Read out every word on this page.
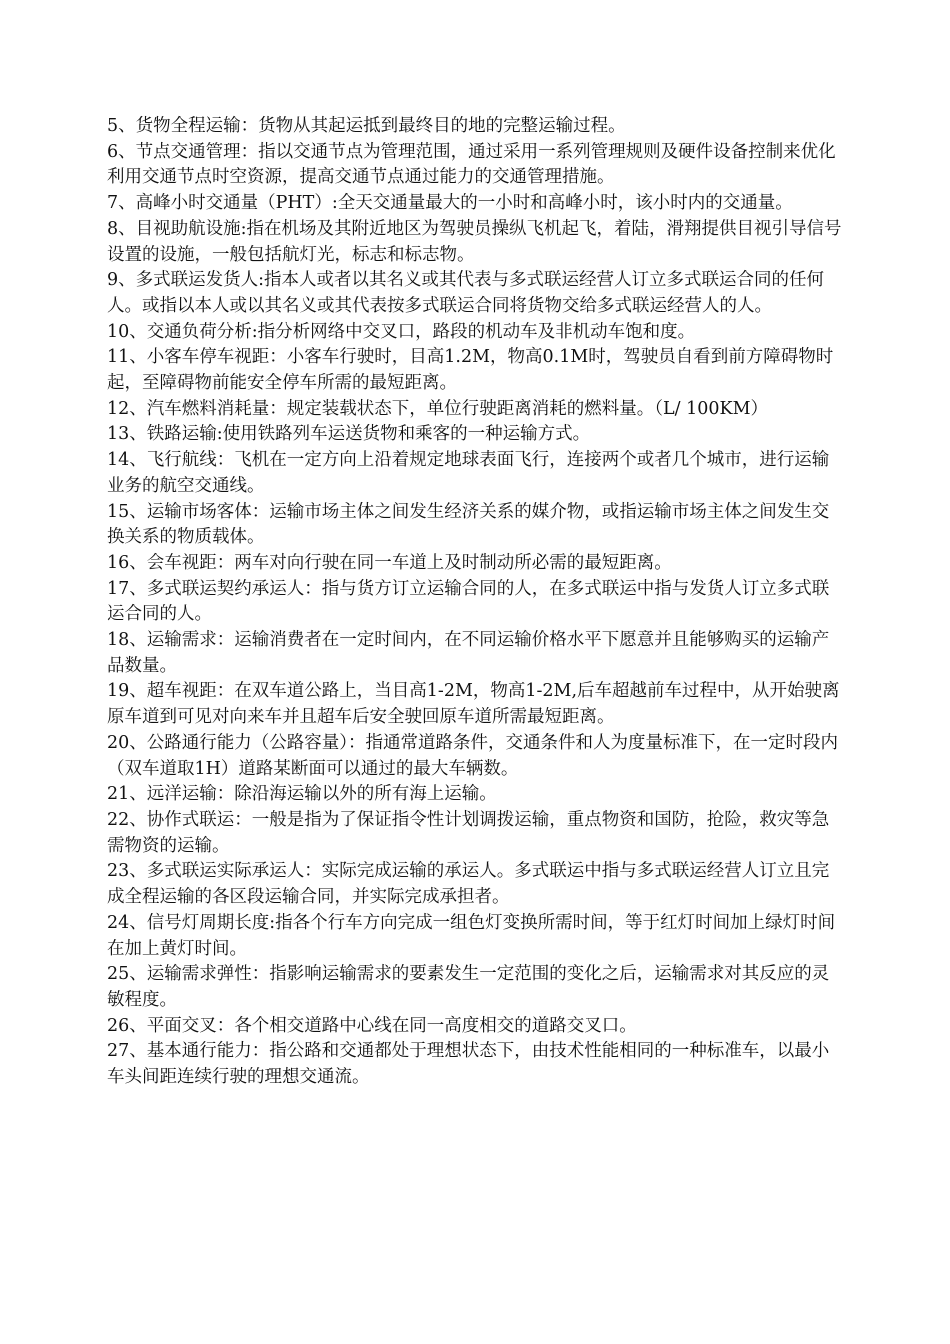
5、货物全程运输：货物从其起运抵到最终目的地的完整运输过程。

6、节点交通管理：指以交通节点为管理范围，通过采用一系列管理规则及硬件设备控制来优化利用交通节点时空资源，提高交通节点通过能力的交通管理措施。

7、高峰小时交通量（PHT）:全天交通量最大的一小时和高峰小时，该小时内的交通量。

8、目视助航设施:指在机场及其附近地区为驾驶员操纵飞机起飞，着陆，滑翔提供目视引导信号设置的设施，一般包括航灯光，标志和标志物。

9、多式联运发货人:指本人或者以其名义或其代表与多式联运经营人订立多式联运合同的任何人。或指以本人或以其名义或其代表按多式联运合同将货物交给多式联运经营人的人。

10、交通负荷分析:指分析网络中交叉口，路段的机动车及非机动车饱和度。

11、小客车停车视距：小客车行驶时，目高1.2M，物高0.1M时，驾驶员自看到前方障碍物时起，至障碍物前能安全停车所需的最短距离。

12、汽车燃料消耗量：规定装载状态下，单位行驶距离消耗的燃料量。（L/ 100KM）

13、铁路运输:使用铁路列车运送货物和乘客的一种运输方式。

14、飞行航线：飞机在一定方向上沿着规定地球表面飞行，连接两个或者几个城市，进行运输业务的航空交通线。

15、运输市场客体：运输市场主体之间发生经济关系的媒介物，或指运输市场主体之间发生交换关系的物质载体。

16、会车视距：两车对向行驶在同一车道上及时制动所必需的最短距离。

17、多式联运契约承运人：指与货方订立运输合同的人，在多式联运中指与发货人订立多式联运合同的人。

18、运输需求：运输消费者在一定时间内，在不同运输价格水平下愿意并且能够购买的运输产品数量。

19、超车视距：在双车道公路上，当目高1-2M，物高1-2M,后车超越前车过程中，从开始驶离原车道到可见对向来车并且超车后安全驶回原车道所需最短距离。

20、公路通行能力（公路容量）：指通常道路条件，交通条件和人为度量标准下，在一定时段内（双车道取1H）道路某断面可以通过的最大车辆数。

21、远洋运输：除沿海运输以外的所有海上运输。

22、协作式联运：一般是指为了保证指令性计划调拨运输，重点物资和国防，抢险，救灾等急需物资的运输。

23、多式联运实际承运人：实际完成运输的承运人。多式联运中指与多式联运经营人订立且完成全程运输的各区段运输合同，并实际完成承担者。

24、信号灯周期长度:指各个行车方向完成一组色灯变换所需时间，等于红灯时间加上绿灯时间在加上黄灯时间。

25、运输需求弹性：指影响运输需求的要素发生一定范围的变化之后，运输需求对其反应的灵敏程度。

26、平面交叉：各个相交道路中心线在同一高度相交的道路交叉口。

27、基本通行能力：指公路和交通都处于理想状态下，由技术性能相同的一种标准车，以最小车头间距连续行驶的理想交通流。
